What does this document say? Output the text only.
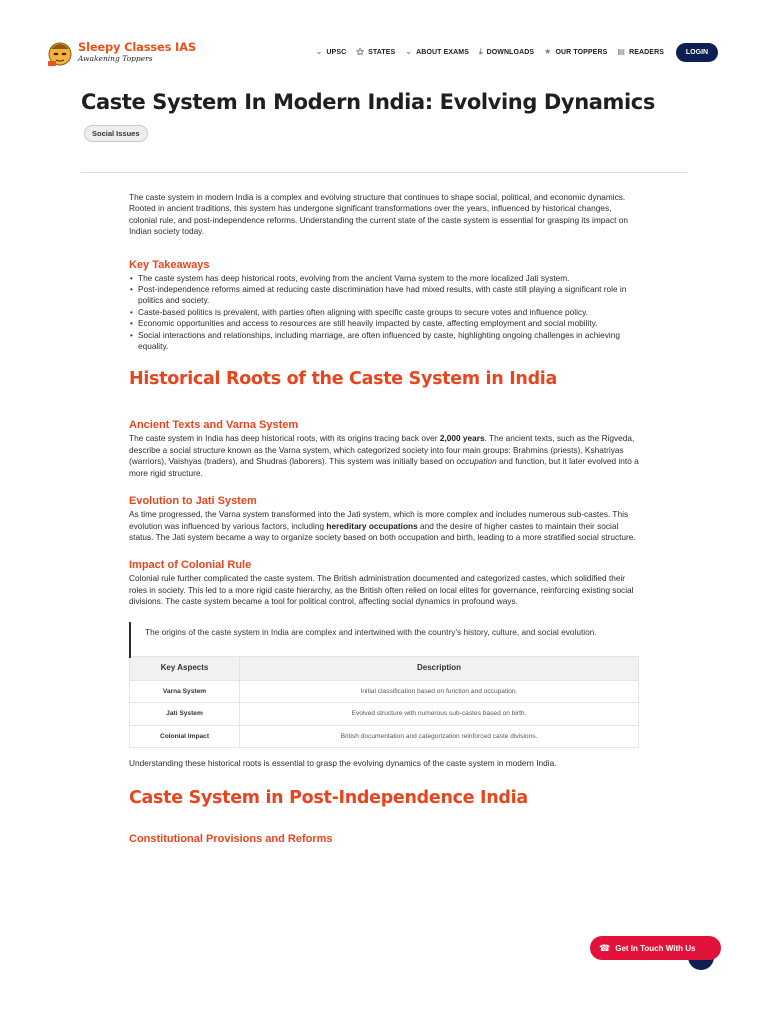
Sleepy Classes IAS
Awakening Toppers
⌄ UPSC ⚝ STATES ⌄ ABOUT EXAMS ⤓ DOWNLOADS ★ OUR TOPPERS ▤ READERS	LOGIN
Caste System In Modern India: Evolving Dynamics
Social Issues

The caste system in modern India is a complex and evolving structure that continues to shape social, political, and economic dynamics. Rooted in ancient traditions, this system has undergone significant transformations over the years, influenced by historical changes, colonial rule, and post-independence reforms. Understanding the current state of the caste system is essential for grasping its impact on Indian society today.

Key Takeaways
• The caste system has deep historical roots, evolving from the ancient Varna system to the more localized Jati system.
• Post-independence reforms aimed at reducing caste discrimination have had mixed results, with caste still playing a significant role in politics and society.
• Caste-based politics is prevalent, with parties often aligning with specific caste groups to secure votes and influence policy.
• Economic opportunities and access to resources are still heavily impacted by caste, affecting employment and social mobility.
• Social interactions and relationships, including marriage, are often influenced by caste, highlighting ongoing challenges in achieving equality.
Historical Roots of the Caste System in India
Ancient Texts and Varna System

The caste system in India has deep historical roots, with its origins tracing back over 2,000 years. The ancient texts, such as the Rigveda, describe a social structure known as the Varna system, which categorized society into four main groups: Brahmins (priests), Kshatriyas (warriors), Vaishyas (traders), and Shudras (laborers). This system was initially based on occupation and function, but it later evolved into a more rigid structure.

Evolution to Jati System

As time progressed, the Varna system transformed into the Jati system, which is more complex and includes numerous sub-castes. This evolution was influenced by various factors, including hereditary occupations and the desire of higher castes to maintain their social status. The Jati system became a way to organize society based on both occupation and birth, leading to a more stratified social structure.

Impact of Colonial Rule

Colonial rule further complicated the caste system. The British administration documented and categorized castes, which solidified their roles in society. This led to a more rigid caste hierarchy, as the British often relied on local elites for governance, reinforcing existing social divisions. The caste system became a tool for political control, affecting social dynamics in profound ways.

The origins of the caste system in India are complex and intertwined with the country’s history, culture, and social evolution.
Key Aspects	Description
Varna System	Initial classification based on function and occupation.
Jati System	Evolved structure with numerous sub-castes based on birth.
Colonial Impact	British documentation and categorization reinforced caste divisions.

Understanding these historical roots is essential to grasp the evolving dynamics of the caste system in modern India.

Caste System in Post-Independence India
Constitutional Provisions and Reforms
☎ Get In Touch With Us
